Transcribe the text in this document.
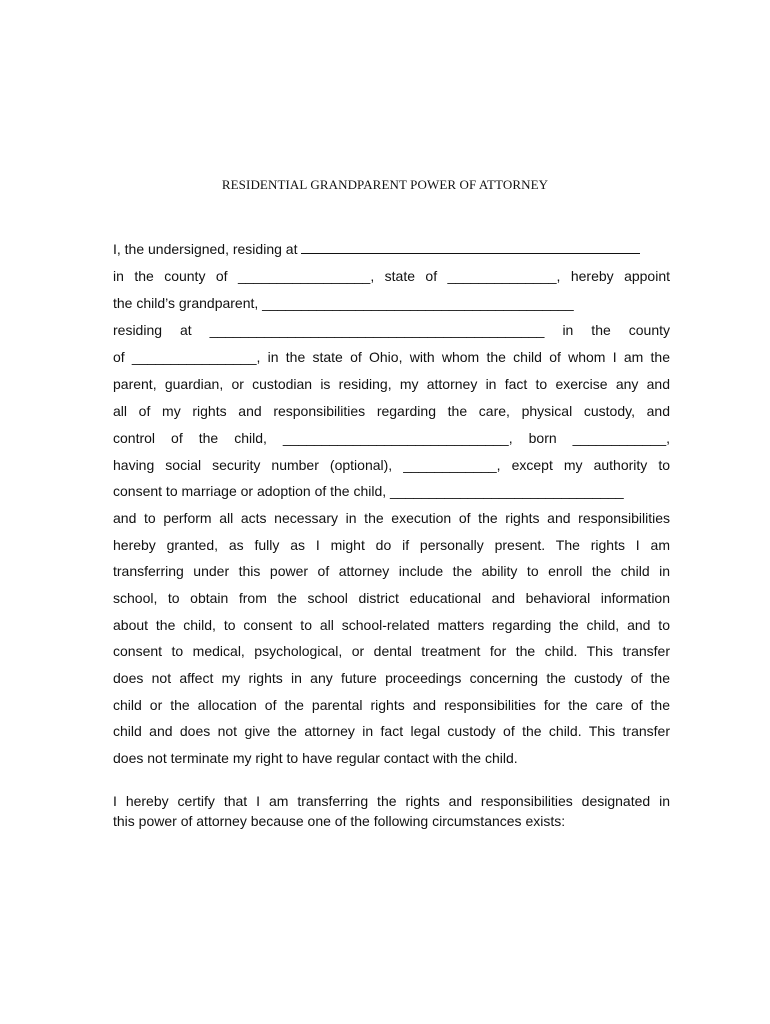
RESIDENTIAL GRANDPARENT POWER OF ATTORNEY
I, the undersigned, residing at
in the county of _________________, state of ______________, hereby appoint
the child’s grandparent, ________________________________________
residing at ___________________________________________ in the county
of ________________, in the state of Ohio, with whom the child of whom I am the
parent, guardian, or custodian is residing, my attorney in fact to exercise any and
all of my rights and responsibilities regarding the care, physical custody, and
control of the child, _____________________________, born ____________,
having social security number (optional), ____________, except my authority to
consent to marriage or adoption of the child, ______________________________
and to perform all acts necessary in the execution of the rights and responsibilities
hereby granted, as fully as I might do if personally present. The rights I am
transferring under this power of attorney include the ability to enroll the child in
school, to obtain from the school district educational and behavioral information
about the child, to consent to all school-related matters regarding the child, and to
consent to medical, psychological, or dental treatment for the child. This transfer
does not affect my rights in any future proceedings concerning the custody of the
child or the allocation of the parental rights and responsibilities for the care of the
child and does not give the attorney in fact legal custody of the child. This transfer
does not terminate my right to have regular contact with the child.
I hereby certify that I am transferring the rights and responsibilities designated in
this power of attorney because one of the following circumstances exists:
